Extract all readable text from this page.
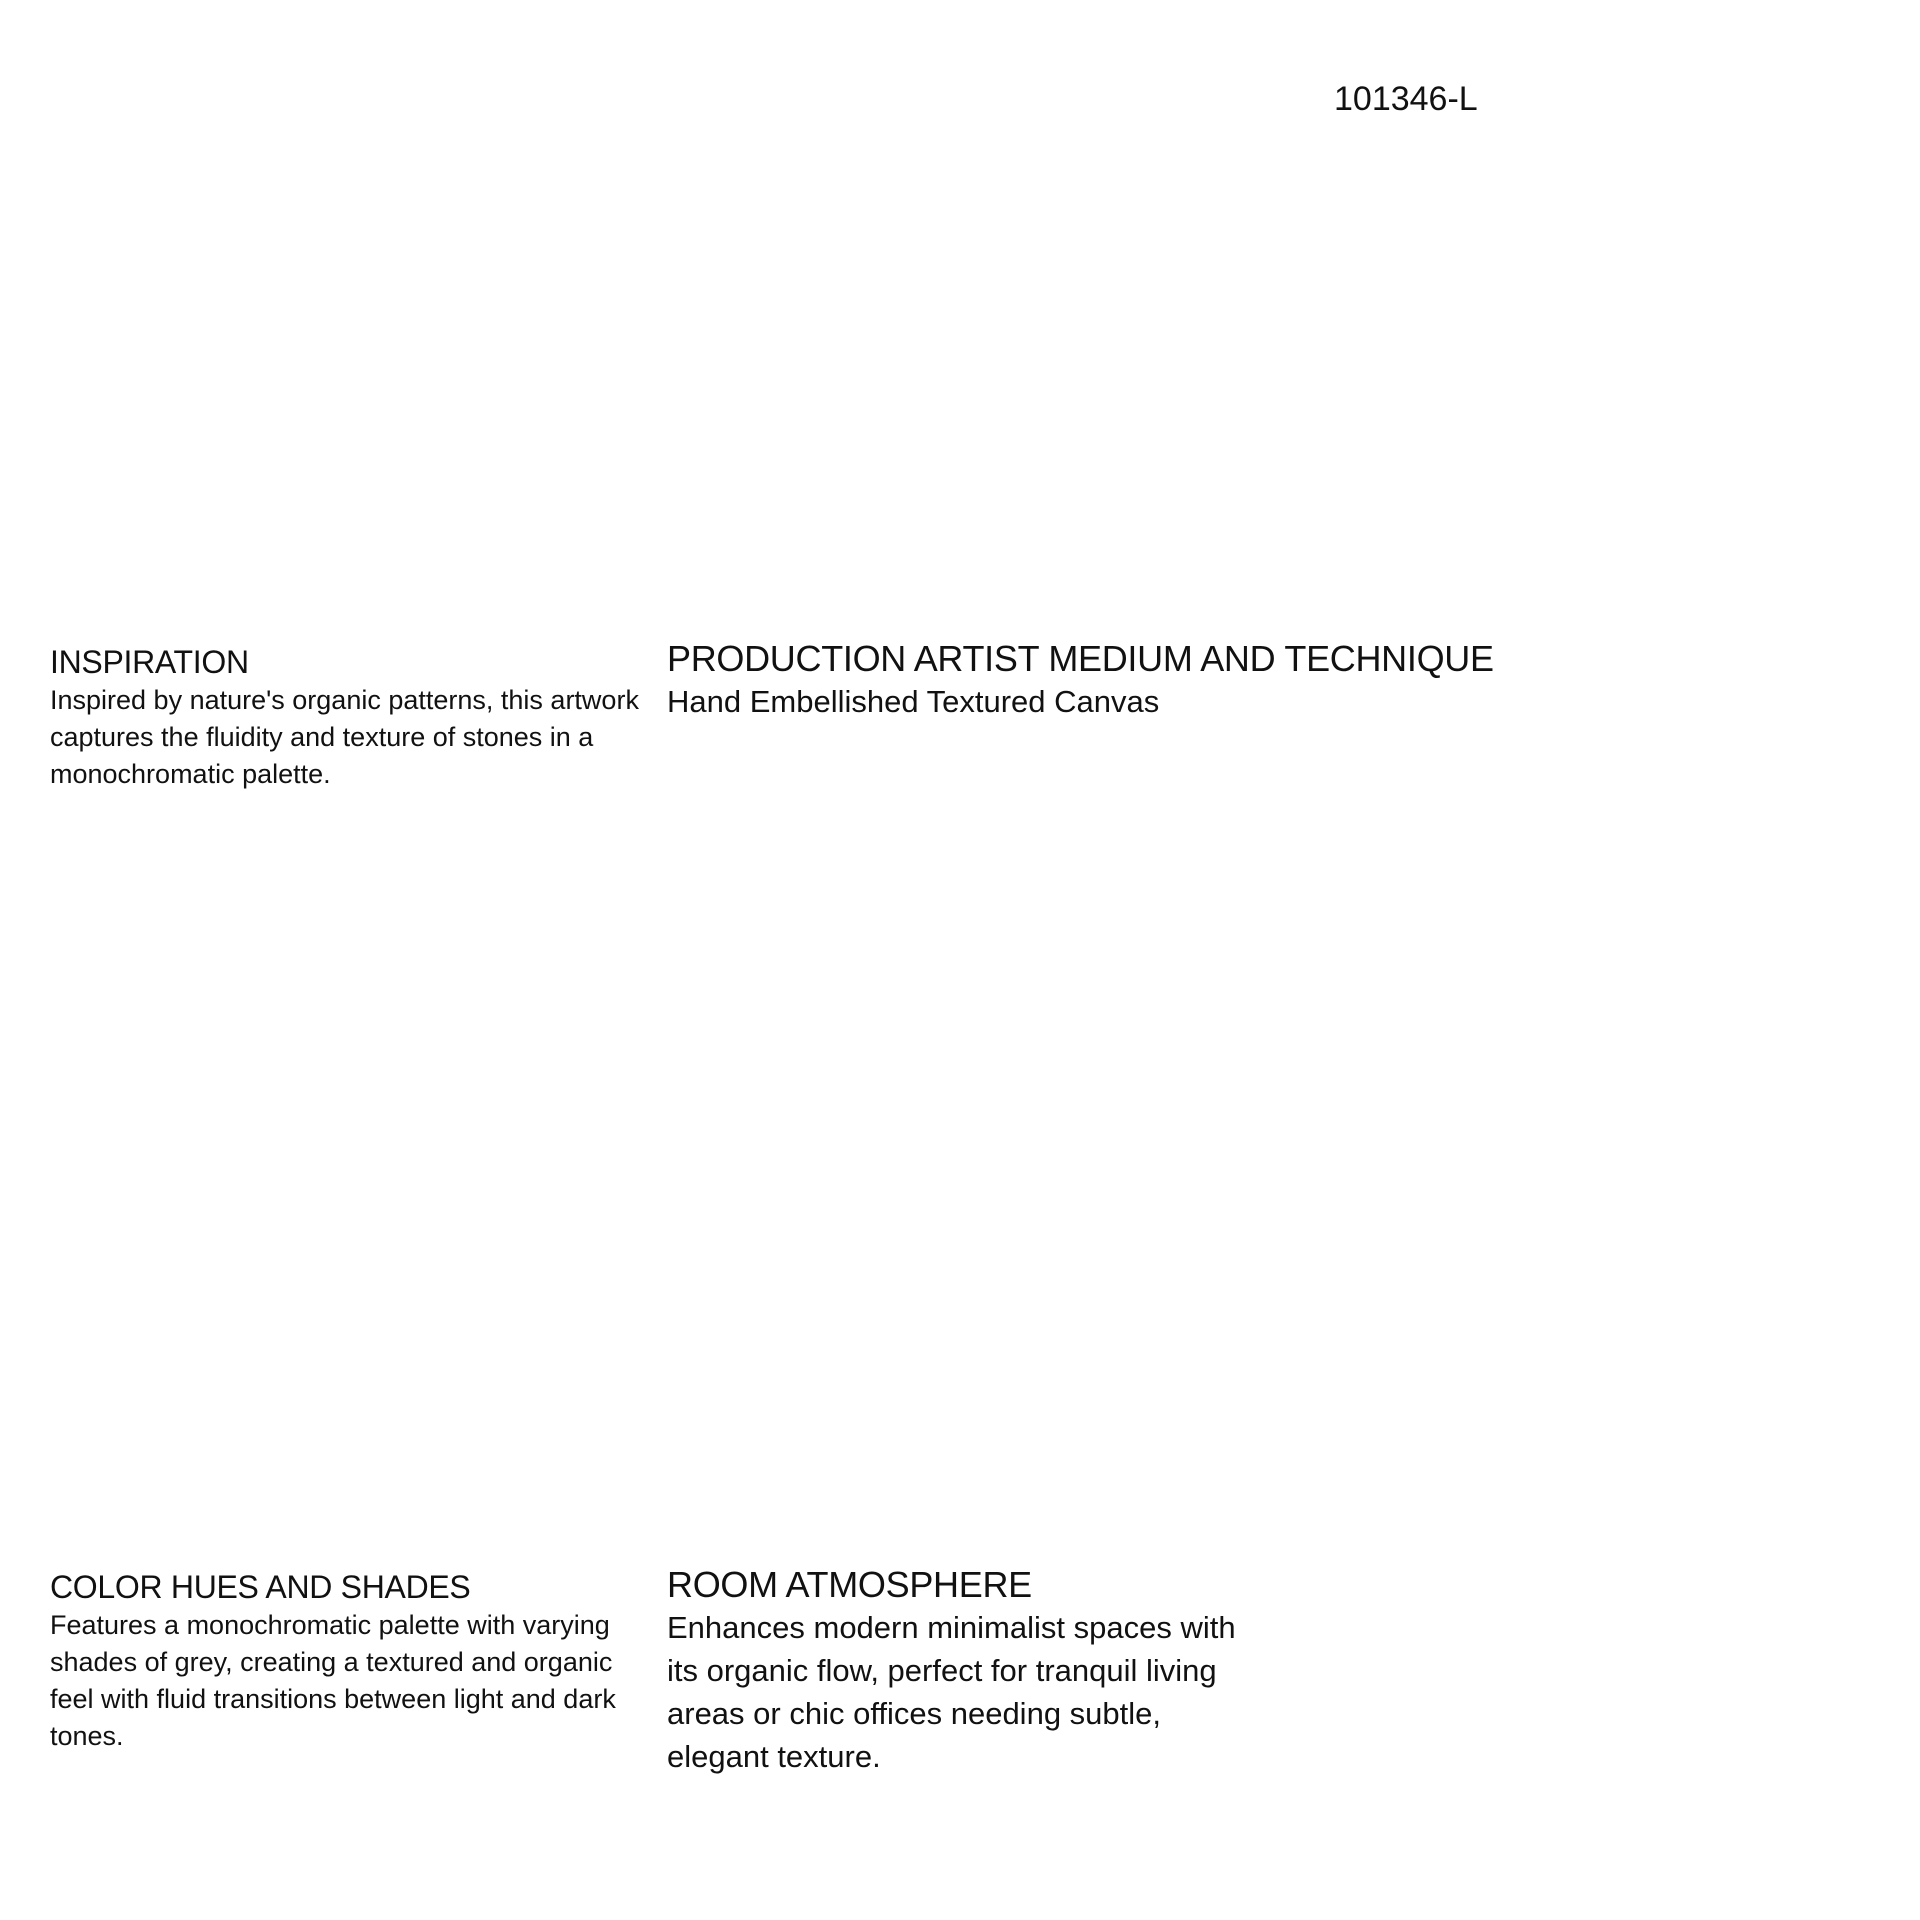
101346-L
INSPIRATION

Inspired by nature's organic patterns, this artwork captures the fluidity and texture of stones in a monochromatic palette.

PRODUCTION ARTIST MEDIUM AND TECHNIQUE

Hand Embellished Textured Canvas

COLOR HUES AND SHADES

Features a monochromatic palette with varying shades of grey, creating a textured and organic feel with fluid transitions between light and dark tones.

ROOM ATMOSPHERE

Enhances modern minimalist spaces with its organic flow, perfect for tranquil living areas or chic offices needing subtle, elegant texture.
